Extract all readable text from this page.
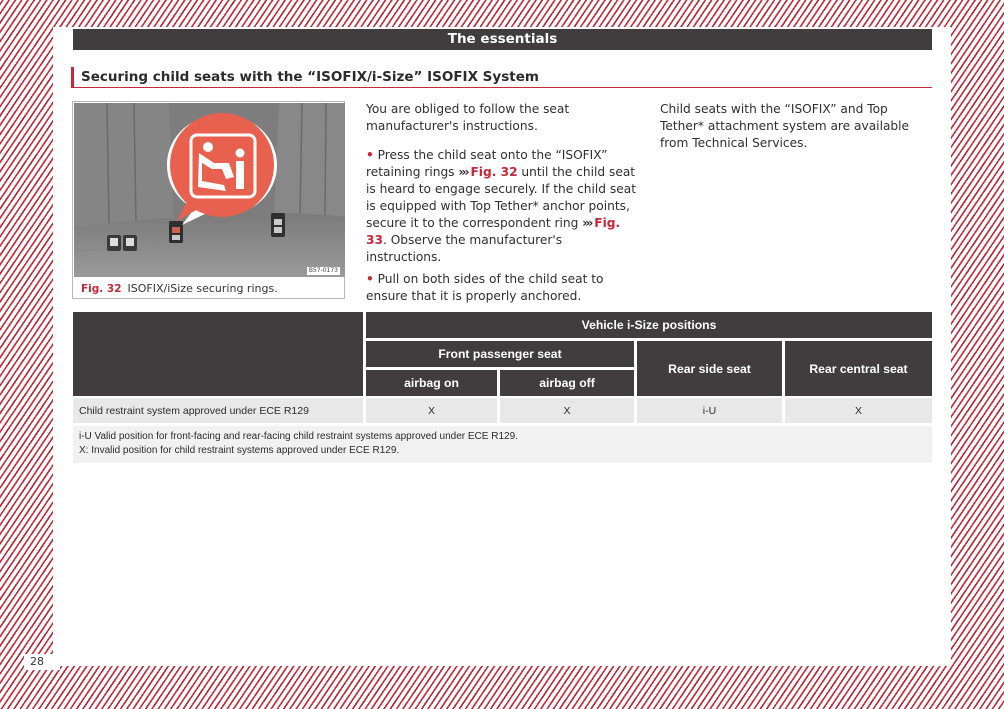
28
The essentials
Securing child seats with the “ISOFIX/i-Size” ISOFIX System
B57-0173
Fig. 32 ISOFIX/iSize securing rings.

You are obliged to follow the seat manufacturer's instructions.

• Press the child seat onto the “ISOFIX” retaining rings ››› Fig. 32 until the child seat is heard to engage securely. If the child seat is equipped with Top Tether* anchor points, secure it to the correspondent ring ››› Fig. 33. Observe the manufacturer's instructions.

• Pull on both sides of the child seat to ensure that it is properly anchored.

Child seats with the “ISOFIX” and Top Tether* attachment system are available from Technical Services.

Vehicle i-Size positions
Front passenger seat
airbag on	airbag off
Rear side seat	Rear central seat
Child restraint system approved under ECE R129	X	X	i-U	X
i-U Valid position for front-facing and rear-facing child restraint systems approved under ECE R129.
X: Invalid position for child restraint systems approved under ECE R129.
